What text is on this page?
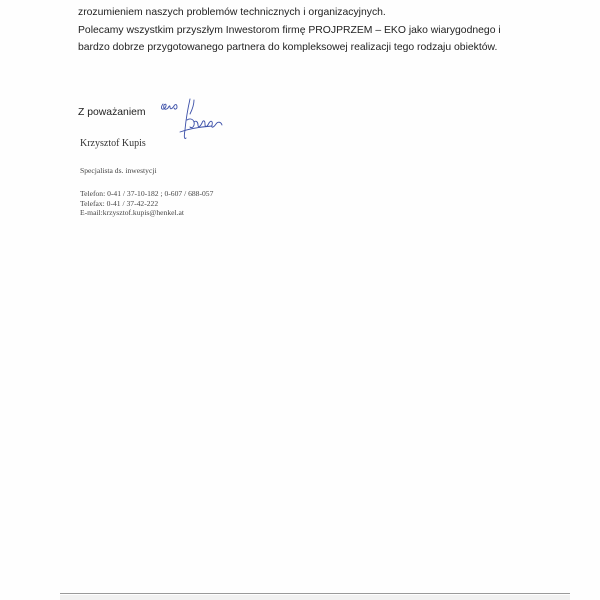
zrozumieniem naszych problemów technicznych i organizacyjnych.

Polecamy wszystkim przyszłym Inwestorom firmę PROJPRZEM – EKO jako wiarygodnego i

bardzo dobrze przygotowanego partnera do kompleksowej realizacji tego rodzaju obiektów.

Z poważaniem
Krzysztof Kupis
Specjalista ds. inwestycji
Telefon: 0-41 / 37-10-182 ; 0-607 / 688-057
Telefax: 0-41 / 37-42-222
E-mail:krzysztof.kupis@henkel.at
